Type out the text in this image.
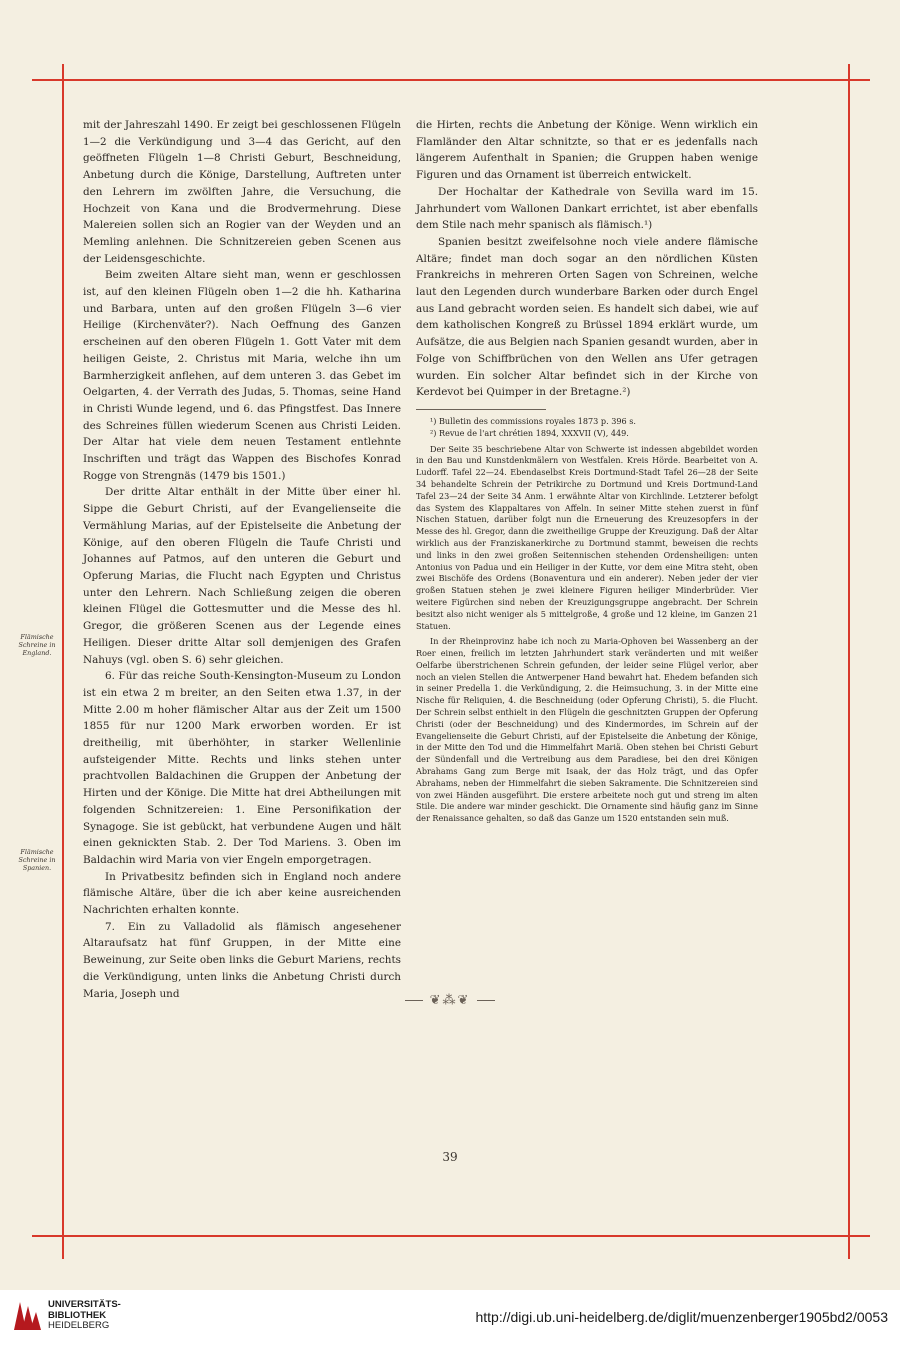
mit der Jahreszahl 1490. Er zeigt bei geschlossenen Flügeln 1—2 die Verkündigung und 3—4 das Gericht, auf den geöffneten Flügeln 1—8 Christi Geburt, Beschneidung, Anbetung durch die Könige, Darstellung, Auftreten unter den Lehrern im zwölften Jahre, die Versuchung, die Hochzeit von Kana und die Brodvermehrung. Diese Malereien sollen sich an Rogier van der Weyden und an Memling anlehnen. Die Schnitzereien geben Scenen aus der Leidensgeschichte.

Beim zweiten Altare sieht man, wenn er geschlossen ist, auf den kleinen Flügeln oben 1—2 die hh. Katharina und Barbara, unten auf den großen Flügeln 3—6 vier Heilige (Kirchenväter?). Nach Oeffnung des Ganzen erscheinen auf den oberen Flügeln 1. Gott Vater mit dem heiligen Geiste, 2. Christus mit Maria, welche ihn um Barmherzigkeit anflehen, auf dem unteren 3. das Gebet im Oelgarten, 4. der Verrath des Judas, 5. Thomas, seine Hand in Christi Wunde legend, und 6. das Pfingstfest. Das Innere des Schreines füllen wiederum Scenen aus Christi Leiden. Der Altar hat viele dem neuen Testament entlehnte Inschriften und trägt das Wappen des Bischofes Konrad Rogge von Strengnäs (1479 bis 1501.)

Der dritte Altar enthält in der Mitte über einer hl. Sippe die Geburt Christi, auf der Evangelienseite die Vermählung Marias, auf der Epistelseite die Anbetung der Könige, auf den oberen Flügeln die Taufe Christi und Johannes auf Patmos, auf den unteren die Geburt und Opferung Marias, die Flucht nach Egypten und Christus unter den Lehrern. Nach Schließung zeigen die oberen kleinen Flügel die Gottesmutter und die Messe des hl. Gregor, die größeren Scenen aus der Legende eines Heiligen. Dieser dritte Altar soll demjenigen des Grafen Nahuys (vgl. oben S. 6) sehr gleichen.

6. Für das reiche South-Kensington-Museum zu London ist ein etwa 2 m breiter, an den Seiten etwa 1.37, in der Mitte 2.00 m hoher flämischer Altar aus der Zeit um 1500 1855 für nur 1200 Mark erworben worden. Er ist dreitheilig, mit überhöhter, in starker Wellenlinie aufsteigender Mitte. Rechts und links stehen unter prachtvollen Baldachinen die Gruppen der Anbetung der Hirten und der Könige. Die Mitte hat drei Abtheilungen mit folgenden Schnitzereien: 1. Eine Personifikation der Synagoge. Sie ist gebückt, hat verbundene Augen und hält einen geknickten Stab. 2. Der Tod Mariens. 3. Oben im Baldachin wird Maria von vier Engeln emporgetragen.

In Privatbesitz befinden sich in England noch andere flämische Altäre, über die ich aber keine ausreichenden Nachrichten erhalten konnte.

7. Ein zu Valladolid als flämisch angesehener Altaraufsatz hat fünf Gruppen, in der Mitte eine Beweinung, zur Seite oben links die Geburt Mariens, rechts die Verkündigung, unten links die Anbetung Christi durch Maria, Joseph und

die Hirten, rechts die Anbetung der Könige. Wenn wirklich ein Flamländer den Altar schnitzte, so that er es jedenfalls nach längerem Aufenthalt in Spanien; die Gruppen haben wenige Figuren und das Ornament ist überreich entwickelt.

Der Hochaltar der Kathedrale von Sevilla ward im 15. Jahrhundert vom Wallonen Dankart errichtet, ist aber ebenfalls dem Stile nach mehr spanisch als flämisch.¹)

Spanien besitzt zweifelsohne noch viele andere flämische Altäre; findet man doch sogar an den nördlichen Küsten Frankreichs in mehreren Orten Sagen von Schreinen, welche laut den Legenden durch wunderbare Barken oder durch Engel aus Land gebracht worden seien. Es handelt sich dabei, wie auf dem katholischen Kongreß zu Brüssel 1894 erklärt wurde, um Aufsätze, die aus Belgien nach Spanien gesandt wurden, aber in Folge von Schiffbrüchen von den Wellen ans Ufer getragen wurden. Ein solcher Altar befindet sich in der Kirche von Kerdevot bei Quimper in der Bretagne.²)

¹) Bulletin des commissions royales 1873 p. 396 s.

²) Revue de l'art chrétien 1894, XXXVII (V), 449.

Der Seite 35 beschriebene Altar von Schwerte ist indessen abgebildet worden in den Bau und Kunstdenkmälern von Westfalen. Kreis Hörde. Bearbeitet von A. Ludorff. Tafel 22—24. Ebendaselbst Kreis Dortmund-Stadt Tafel 26—28 der Seite 34 behandelte Schrein der Petrikirche zu Dortmund und Kreis Dortmund-Land Tafel 23—24 der Seite 34 Anm. 1 erwähnte Altar von Kirchlinde. Letzterer befolgt das System des Klappaltares von Affeln. In seiner Mitte stehen zuerst in fünf Nischen Statuen, darüber folgt nun die Erneuerung des Kreuzesopfers in der Messe des hl. Gregor, dann die zweitheilige Gruppe der Kreuzigung. Daß der Altar wirklich aus der Franziskanerkirche zu Dortmund stammt, beweisen die rechts und links in den zwei großen Seitennischen stehenden Ordensheiligen: unten Antonius von Padua und ein Heiliger in der Kutte, vor dem eine Mitra steht, oben zwei Bischöfe des Ordens (Bonaventura und ein anderer). Neben jeder der vier großen Statuen stehen je zwei kleinere Figuren heiliger Minderbrüder. Vier weitere Figürchen sind neben der Kreuzigungsgruppe angebracht. Der Schrein besitzt also nicht weniger als 5 mittelgroße, 4 große und 12 kleine, im Ganzen 21 Statuen.

In der Rheinprovinz habe ich noch zu Maria-Ophoven bei Wassenberg an der Roer einen, freilich im letzten Jahrhundert stark veränderten und mit weißer Oelfarbe überstrichenen Schrein gefunden, der leider seine Flügel verlor, aber noch an vielen Stellen die Antwerpener Hand bewahrt hat. Ehedem befanden sich in seiner Predella 1. die Verkündigung, 2. die Heimsuchung, 3. in der Mitte eine Nische für Reliquien, 4. die Beschneidung (oder Opferung Christi), 5. die Flucht. Der Schrein selbst enthielt in den Flügeln die geschnitzten Gruppen der Opferung Christi (oder der Beschneidung) und des Kindermordes, im Schrein auf der Evangelienseite die Geburt Christi, auf der Epistelseite die Anbetung der Könige, in der Mitte den Tod und die Himmelfahrt Mariä. Oben stehen bei Christi Geburt der Sündenfall und die Vertreibung aus dem Paradiese, bei den drei Königen Abrahams Gang zum Berge mit Isaak, der das Holz trägt, und das Opfer Abrahams, neben der Himmelfahrt die sieben Sakramente. Die Schnitzereien sind von zwei Händen ausgeführt. Die erstere arbeitete noch gut und streng im alten Stile. Die andere war minder geschickt. Die Ornamente sind häufig ganz im Sinne der Renaissance gehalten, so daß das Ganze um 1520 entstanden sein muß.

Flämische Schreine in England.
Flämische Schreine in Spanien.
❦⁂❦
39
UNIVERSITÄTS-
BIBLIOTHEK
HEIDELBERG
http://digi.ub.uni-heidelberg.de/diglit/muenzenberger1905bd2/0053
